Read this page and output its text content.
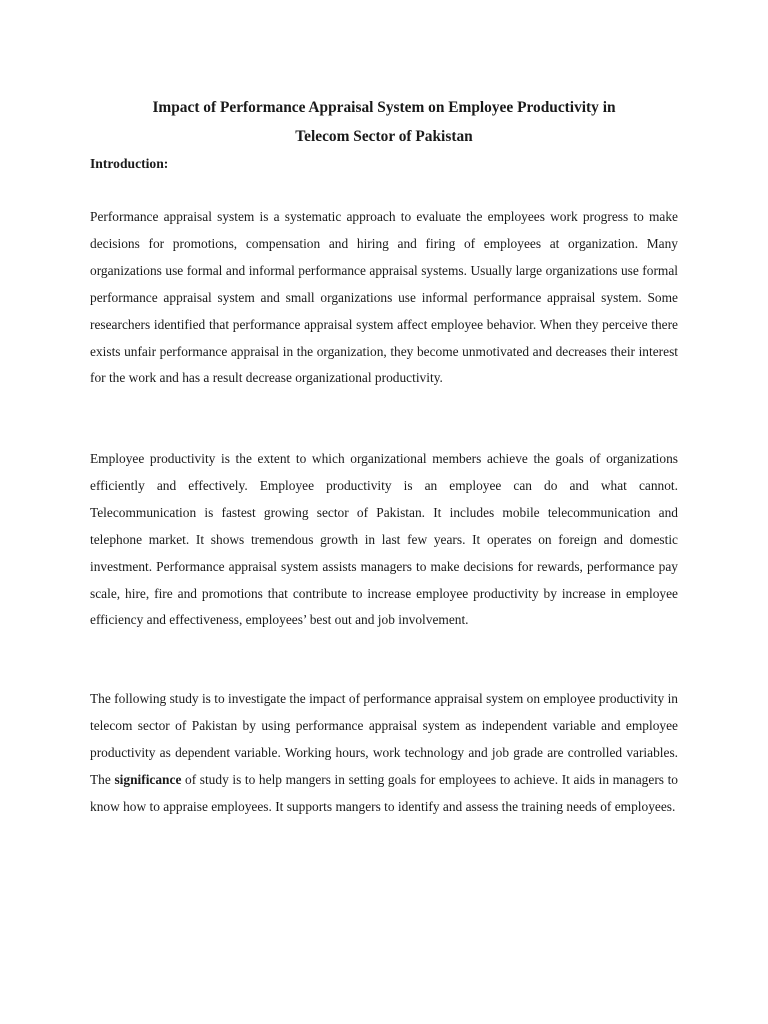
Impact of Performance Appraisal System on Employee Productivity in
Telecom Sector of Pakistan

Introduction:

Performance appraisal system is a systematic approach to evaluate the employees work progress to make decisions for promotions, compensation and hiring and firing of employees at organization. Many organizations use formal and informal performance appraisal systems. Usually large organizations use formal performance appraisal system and small organizations use informal performance appraisal system. Some researchers identified that performance appraisal system affect employee behavior. When they perceive there exists unfair performance appraisal in the organization, they become unmotivated and decreases their interest for the work and has a result decrease organizational productivity.

Employee productivity is the extent to which organizational members achieve the goals of organizations efficiently and effectively. Employee productivity is an employee can do and what cannot. Telecommunication is fastest growing sector of Pakistan. It includes mobile telecommunication and telephone market. It shows tremendous growth in last few years. It operates on foreign and domestic investment. Performance appraisal system assists managers to make decisions for rewards, performance pay scale, hire, fire and promotions that contribute to increase employee productivity by increase in employee efficiency and effectiveness, employees’ best out and job involvement.

The following study is to investigate the impact of performance appraisal system on employee productivity in telecom sector of Pakistan by using performance appraisal system as independent variable and employee productivity as dependent variable. Working hours, work technology and job grade are controlled variables. The significance of study is to help mangers in setting goals for employees to achieve. It aids in managers to know how to appraise employees. It supports mangers to identify and assess the training needs of employees.
